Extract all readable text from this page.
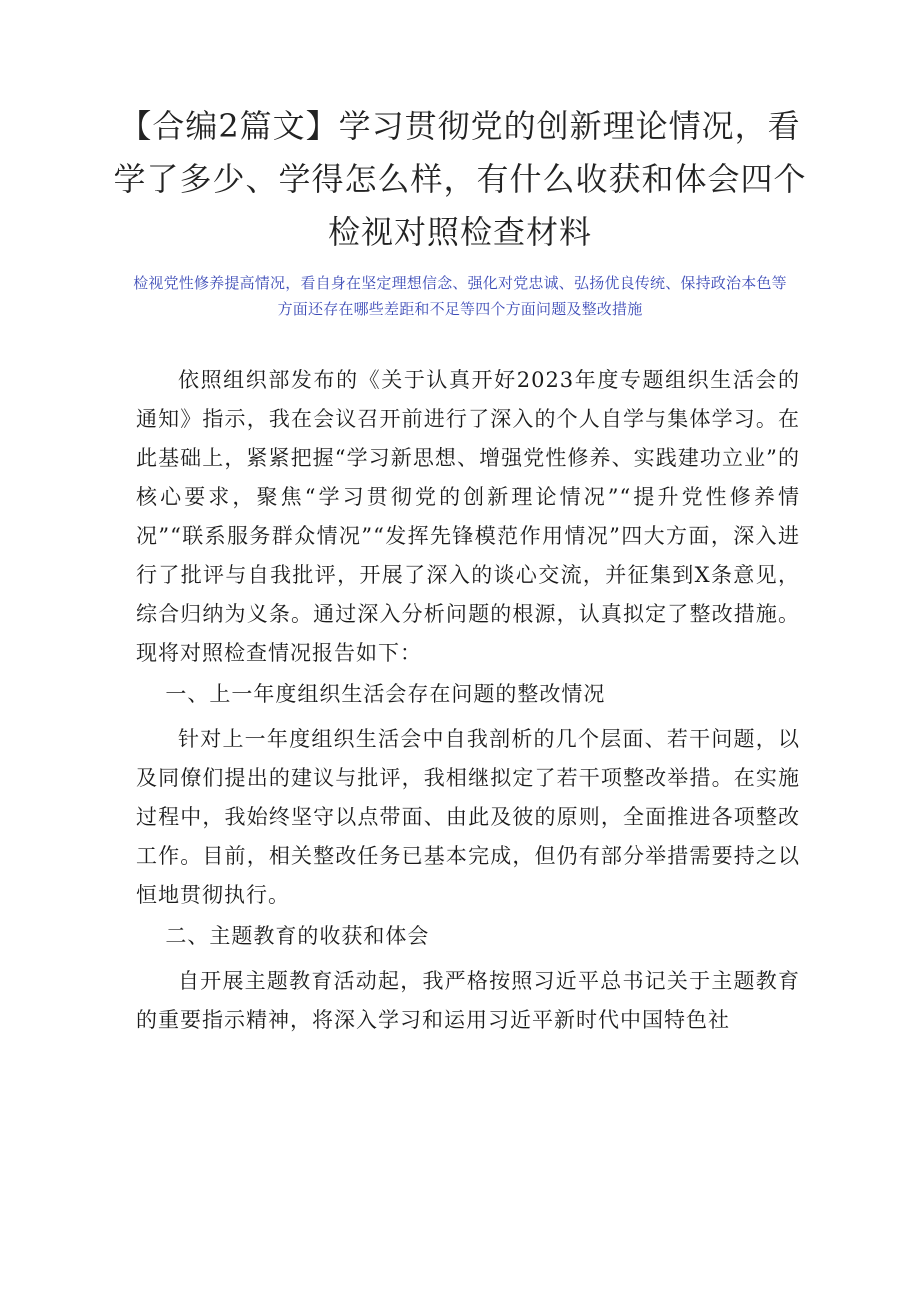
【合编2篇文】学习贯彻党的创新理论情况，看学了多少、学得怎么样，有什么收获和体会四个检视对照检查材料

检视党性修养提高情况，看自身在坚定理想信念、强化对党忠诚、弘扬优良传统、保持政治本色等方面还存在哪些差距和不足等四个方面问题及整改措施

依照组织部发布的《关于认真开好2023年度专题组织生活会的通知》指示，我在会议召开前进行了深入的个人自学与集体学习。在此基础上，紧紧把握“学习新思想、增强党性修养、实践建功立业”的核心要求，聚焦“学习贯彻党的创新理论情况”“提升党性修养情况”“联系服务群众情况”“发挥先锋模范作用情况”四大方面，深入进行了批评与自我批评，开展了深入的谈心交流，并征集到X条意见，综合归纳为义条。通过深入分析问题的根源，认真拟定了整改措施。现将对照检查情况报告如下：

一、上一年度组织生活会存在问题的整改情况

针对上一年度组织生活会中自我剖析的几个层面、若干问题，以及同僚们提出的建议与批评，我相继拟定了若干项整改举措。在实施过程中，我始终坚守以点带面、由此及彼的原则，全面推进各项整改工作。目前，相关整改任务已基本完成，但仍有部分举措需要持之以恒地贯彻执行。

二、主题教育的收获和体会

自开展主题教育活动起，我严格按照习近平总书记关于主题教育的重要指示精神，将深入学习和运用习近平新时代中国特色社
